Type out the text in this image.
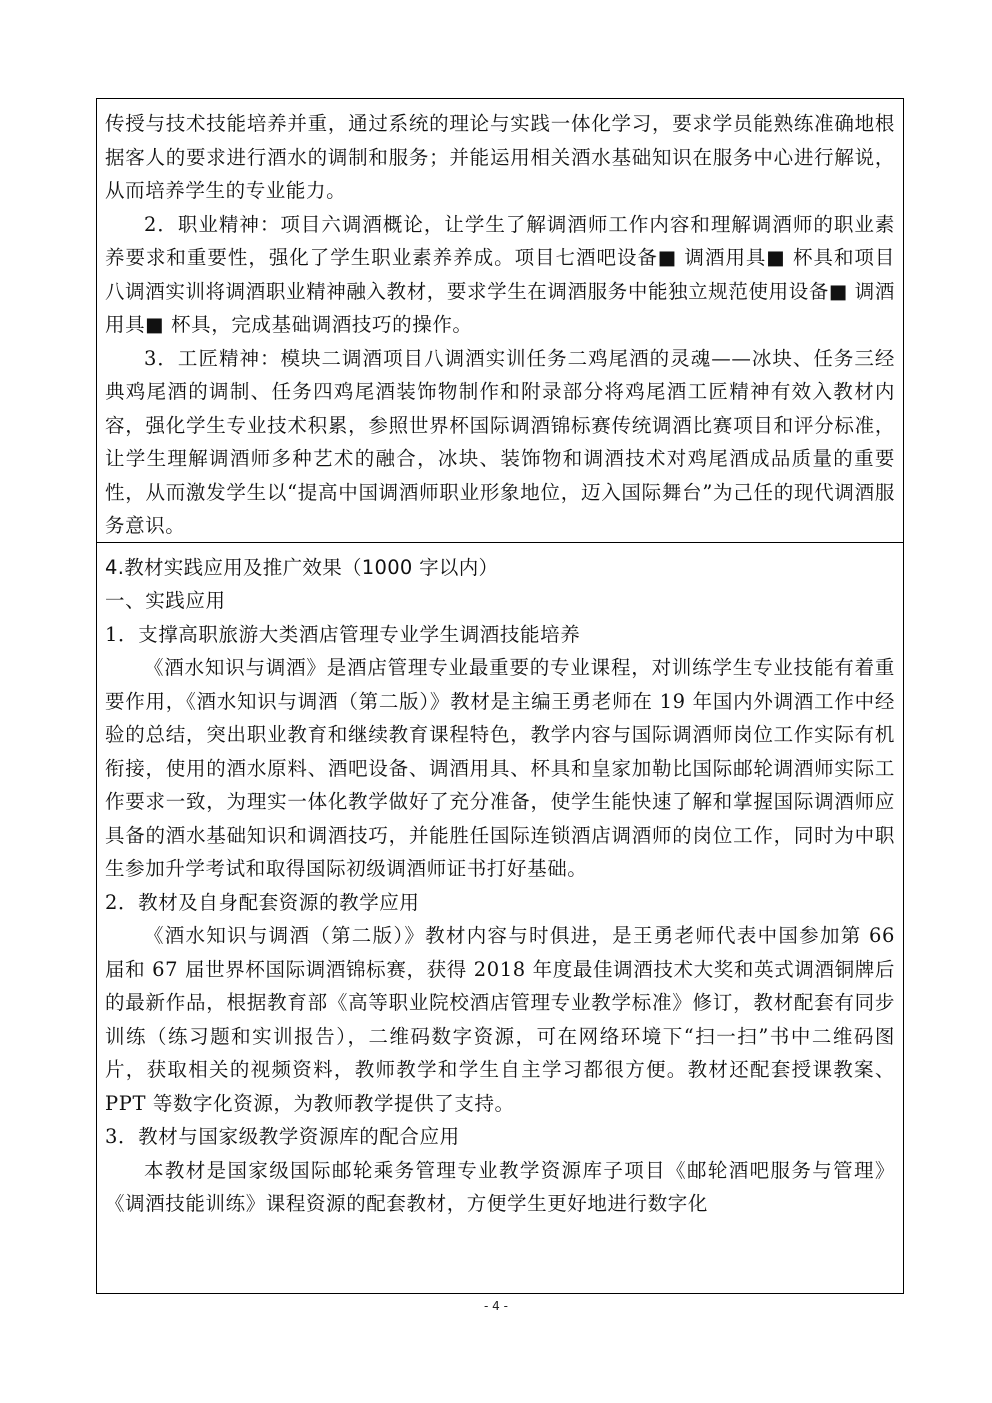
传授与技术技能培养并重，通过系统的理论与实践一体化学习，要求学员能熟练准确地根据客人的要求进行酒水的调制和服务；并能运用相关酒水基础知识在服务中心进行解说，从而培养学生的专业能力。

2．职业精神：项目六调酒概论，让学生了解调酒师工作内容和理解调酒师的职业素养要求和重要性，强化了学生职业素养养成。项目七酒吧设备■ 调酒用具■ 杯具和项目八调酒实训将调酒职业精神融入教材，要求学生在调酒服务中能独立规范使用设备■ 调酒用具■ 杯具，完成基础调酒技巧的操作。

3．工匠精神：模块二调酒项目八调酒实训任务二鸡尾酒的灵魂——冰块、任务三经典鸡尾酒的调制、任务四鸡尾酒装饰物制作和附录部分将鸡尾酒工匠精神有效入教材内容，强化学生专业技术积累，参照世界杯国际调酒锦标赛传统调酒比赛项目和评分标准，让学生理解调酒师多种艺术的融合，冰块、装饰物和调酒技术对鸡尾酒成品质量的重要性，从而激发学生以“提高中国调酒师职业形象地位，迈入国际舞台”为己任的现代调酒服务意识。

4.教材实践应用及推广效果（1000 字以内）

一、实践应用

1．支撑高职旅游大类酒店管理专业学生调酒技能培养

《酒水知识与调酒》是酒店管理专业最重要的专业课程，对训练学生专业技能有着重要作用，《酒水知识与调酒（第二版）》教材是主编王勇老师在 19 年国内外调酒工作中经验的总结，突出职业教育和继续教育课程特色，教学内容与国际调酒师岗位工作实际有机衔接，使用的酒水原料、酒吧设备、调酒用具、杯具和皇家加勒比国际邮轮调酒师实际工作要求一致，为理实一体化教学做好了充分准备，使学生能快速了解和掌握国际调酒师应具备的酒水基础知识和调酒技巧，并能胜任国际连锁酒店调酒师的岗位工作，同时为中职生参加升学考试和取得国际初级调酒师证书打好基础。

2．教材及自身配套资源的教学应用

《酒水知识与调酒（第二版）》教材内容与时俱进，是王勇老师代表中国参加第 66 届和 67 届世界杯国际调酒锦标赛，获得 2018 年度最佳调酒技术大奖和英式调酒铜牌后的最新作品，根据教育部《高等职业院校酒店管理专业教学标准》修订，教材配套有同步训练（练习题和实训报告），二维码数字资源，可在网络环境下“扫一扫”书中二维码图片，获取相关的视频资料，教师教学和学生自主学习都很方便。教材还配套授课教案、PPT 等数字化资源，为教师教学提供了支持。

3．教材与国家级教学资源库的配合应用

本教材是国家级国际邮轮乘务管理专业教学资源库子项目《邮轮酒吧服务与管理》《调酒技能训练》课程资源的配套教材，方便学生更好地进行数字化

- 4 -
